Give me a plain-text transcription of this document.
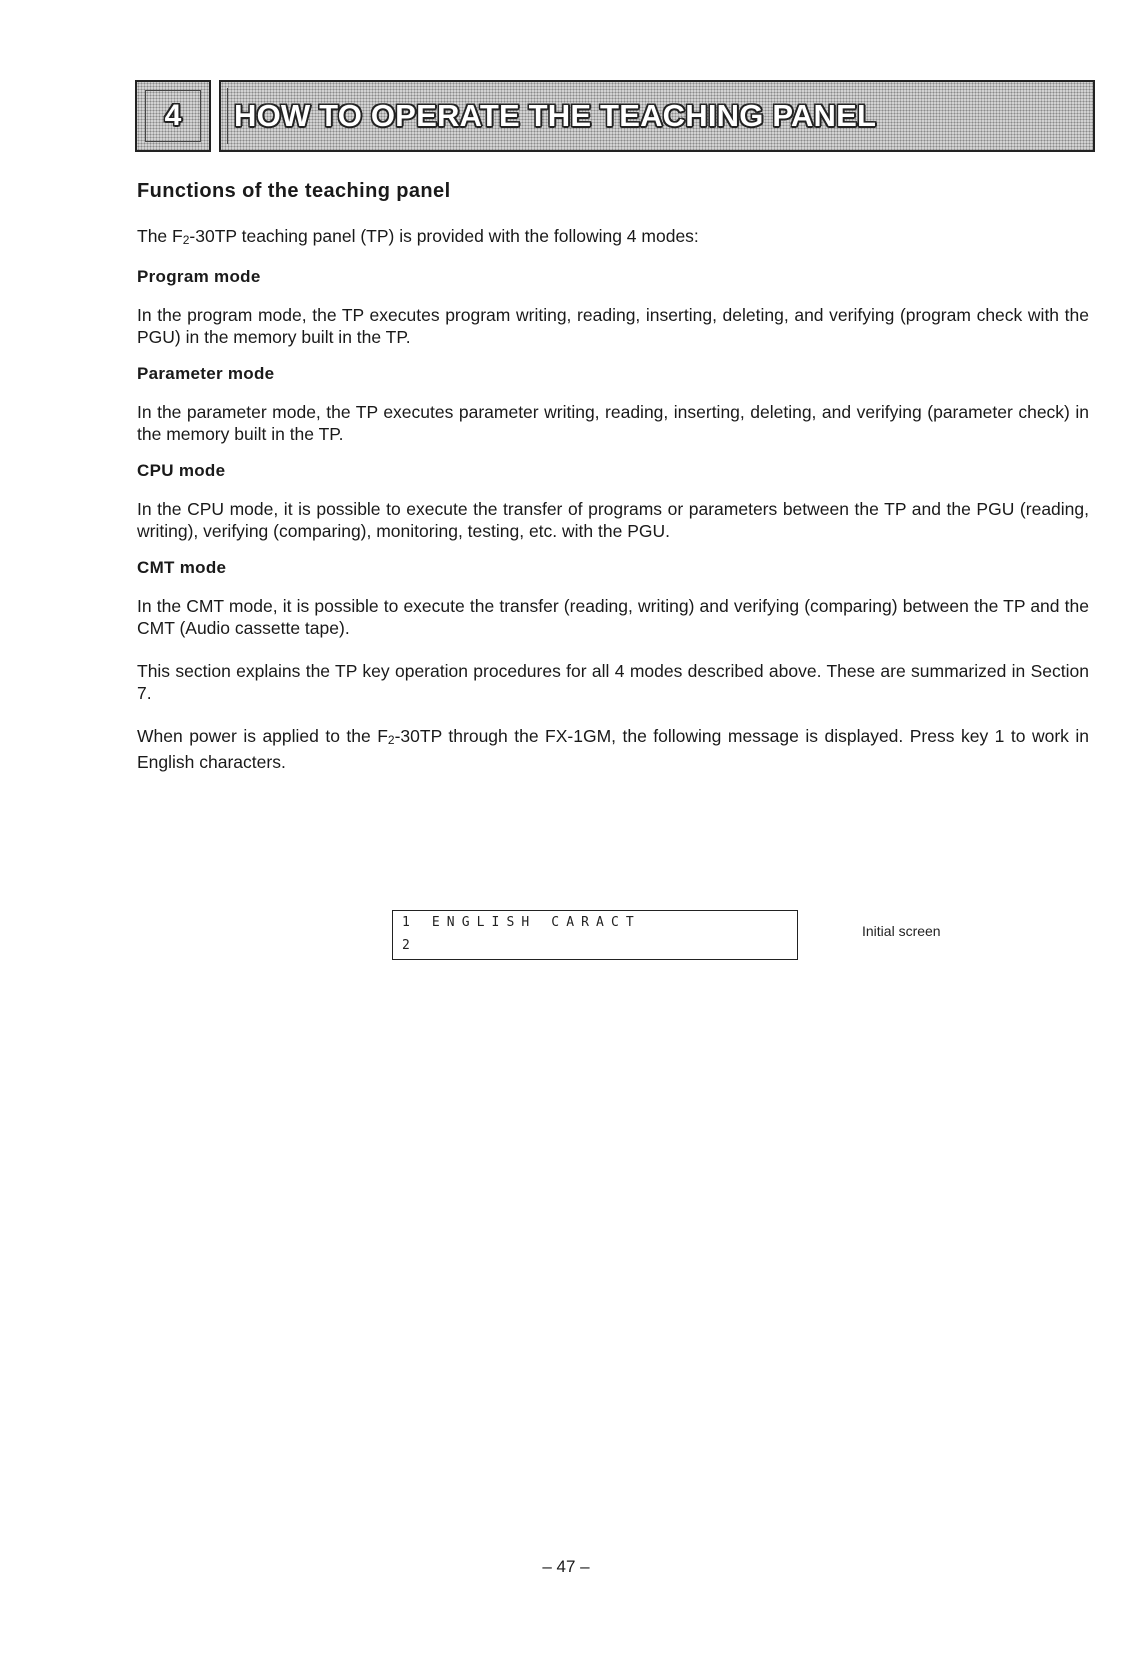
4 HOW TO OPERATE THE TEACHING PANEL
Functions of the teaching panel

The $F_2-30TP$ teaching panel (TP) is provided with the following 4 modes:

Program mode

In the program mode, the TP executes program writing, reading, inserting, deleting, and verifying (program check with the PGU) in the memory built in the TP.

Parameter mode

In the parameter mode, the TP executes parameter writing, reading, inserting, deleting, and verifying (parameter check) in the memory built in the TP.

CPU mode

In the CPU mode, it is possible to execute the transfer of programs or parameters between the TP and the PGU (reading, writing), verifying (comparing), monitoring, testing, etc. with the PGU.

CMT mode

In the CMT mode, it is possible to execute the transfer (reading, writing) and verifying (comparing) between the TP and the CMT (Audio cassette tape).

This section explains the TP key operation procedures for all 4 modes described above. These are summarized in Section 7.

When power is applied to the $F_2-30TP$ through the FX-1GM, the following message is displayed. Press key 1 to work in English characters.

1 ENGLISH CARACT
2
Initial screen
– 47 –
